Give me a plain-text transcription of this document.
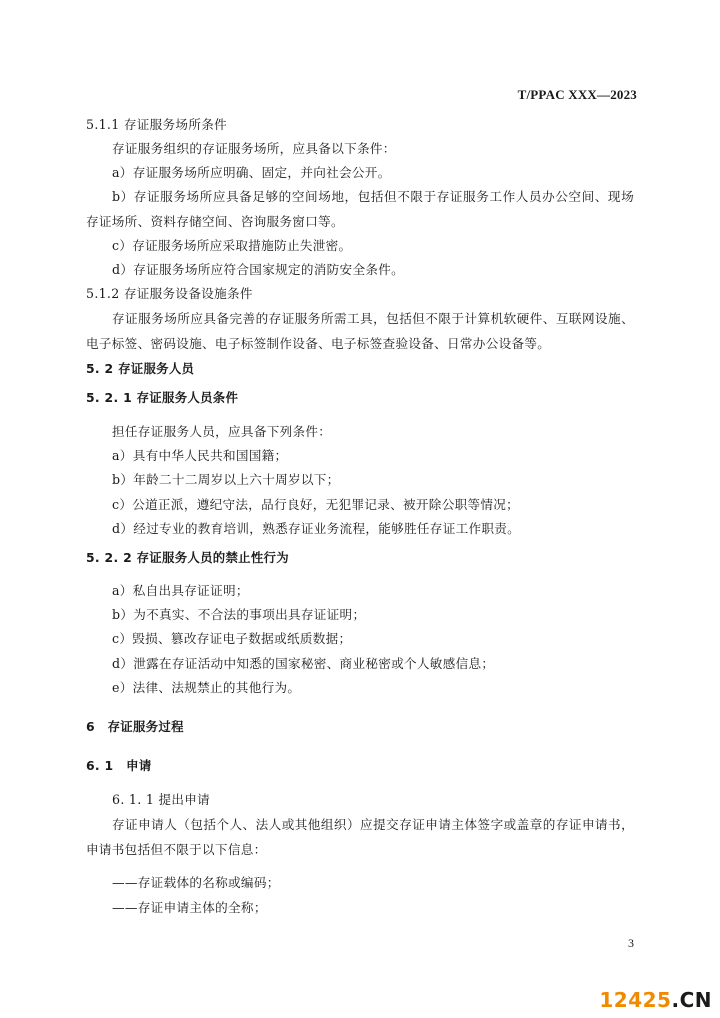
T/PPAC XXX—2023
5.1.1 存证服务场所条件
存证服务组织的存证服务场所，应具备以下条件：
a）存证服务场所应明确、固定，并向社会公开。
b）存证服务场所应具备足够的空间场地，包括但不限于存证服务工作人员办公空间、现场存证场所、资料存储空间、咨询服务窗口等。
c）存证服务场所应采取措施防止失泄密。
d）存证服务场所应符合国家规定的消防安全条件。
5.1.2 存证服务设备设施条件
存证服务场所应具备完善的存证服务所需工具，包括但不限于计算机软硬件、互联网设施、电子标签、密码设施、电子标签制作设备、电子标签查验设备、日常办公设备等。
5. 2 存证服务人员
5. 2. 1 存证服务人员条件
担任存证服务人员，应具备下列条件：
a）具有中华人民共和国国籍；
b）年龄二十二周岁以上六十周岁以下；
c）公道正派，遵纪守法，品行良好，无犯罪记录、被开除公职等情况；
d）经过专业的教育培训，熟悉存证业务流程，能够胜任存证工作职责。
5. 2. 2 存证服务人员的禁止性行为
a）私自出具存证证明；
b）为不真实、不合法的事项出具存证证明；
c）毁损、篡改存证电子数据或纸质数据；
d）泄露在存证活动中知悉的国家秘密、商业秘密或个人敏感信息；
e）法律、法规禁止的其他行为。
6　存证服务过程
6. 1　申请
6. 1. 1 提出申请
存证申请人（包括个人、法人或其他组织）应提交存证申请主体签字或盖章的存证申请书，申请书包括但不限于以下信息：
——存证载体的名称或编码；
——存证申请主体的全称；
3
12425.CN
